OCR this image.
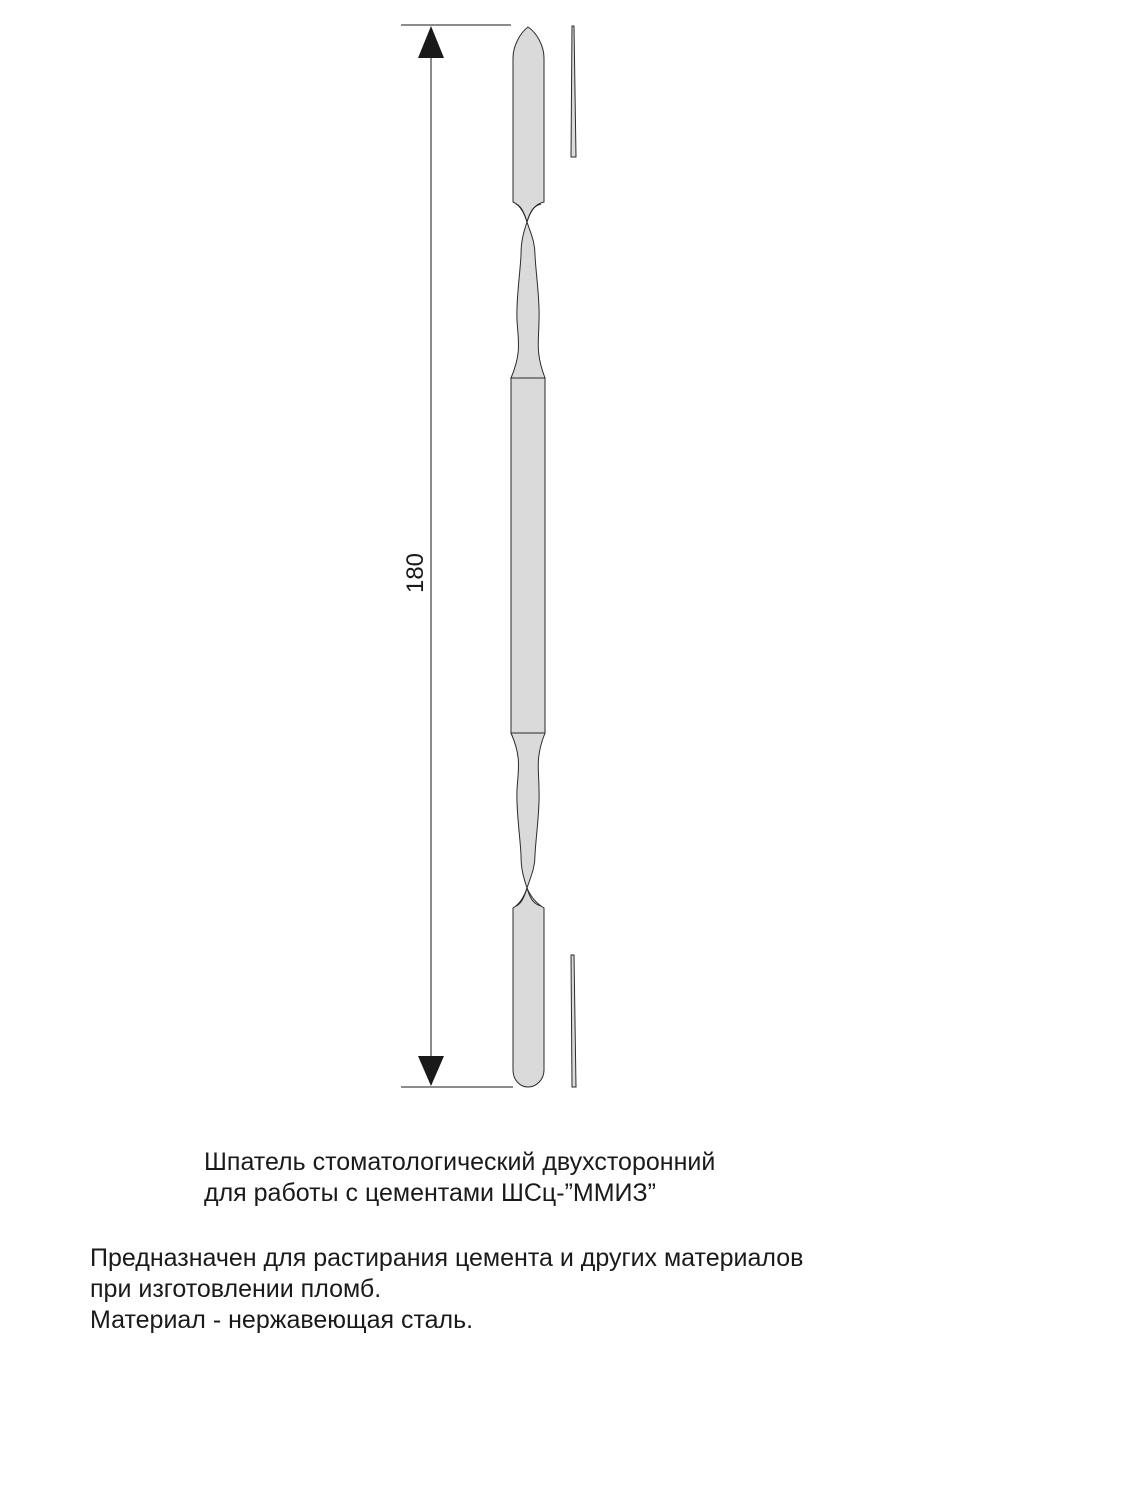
180
Шпатель стоматологический двухсторонний
для работы с цементами ШСц-”ММИЗ”
Предназначен для растирания цемента и других материалов
при изготовлении пломб.
Материал - нержавеющая сталь.
